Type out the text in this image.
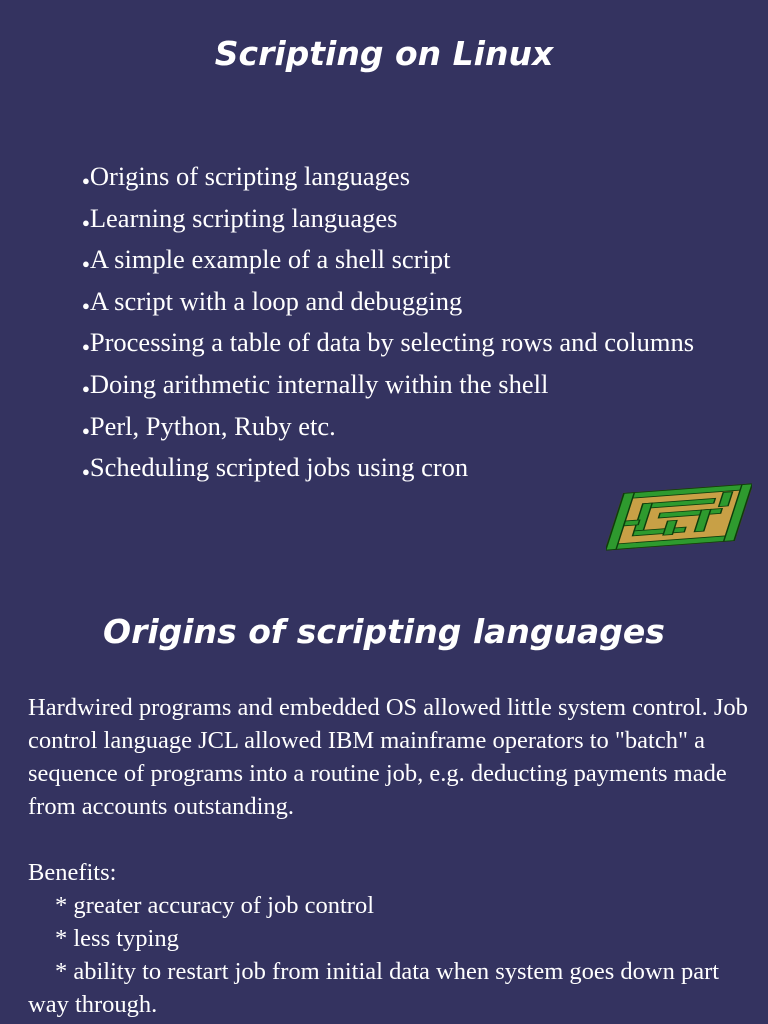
Scripting on Linux
●Origins of scripting languages
●Learning scripting languages
●A simple example of a shell script
●A script with a loop and debugging
●Processing a table of data by selecting rows and columns
●Doing arithmetic internally within the shell
●Perl, Python, Ruby etc.
●Scheduling scripted jobs using cron
Origins of scripting languages

Hardwired programs and embedded OS allowed little system control. Job control language JCL allowed IBM mainframe operators to "batch" a sequence of programs into a routine job, e.g. deducting payments made from accounts outstanding.

Benefits:

* greater accuracy of job control

* less typing

* ability to restart job from initial data when system goes down part way through.
